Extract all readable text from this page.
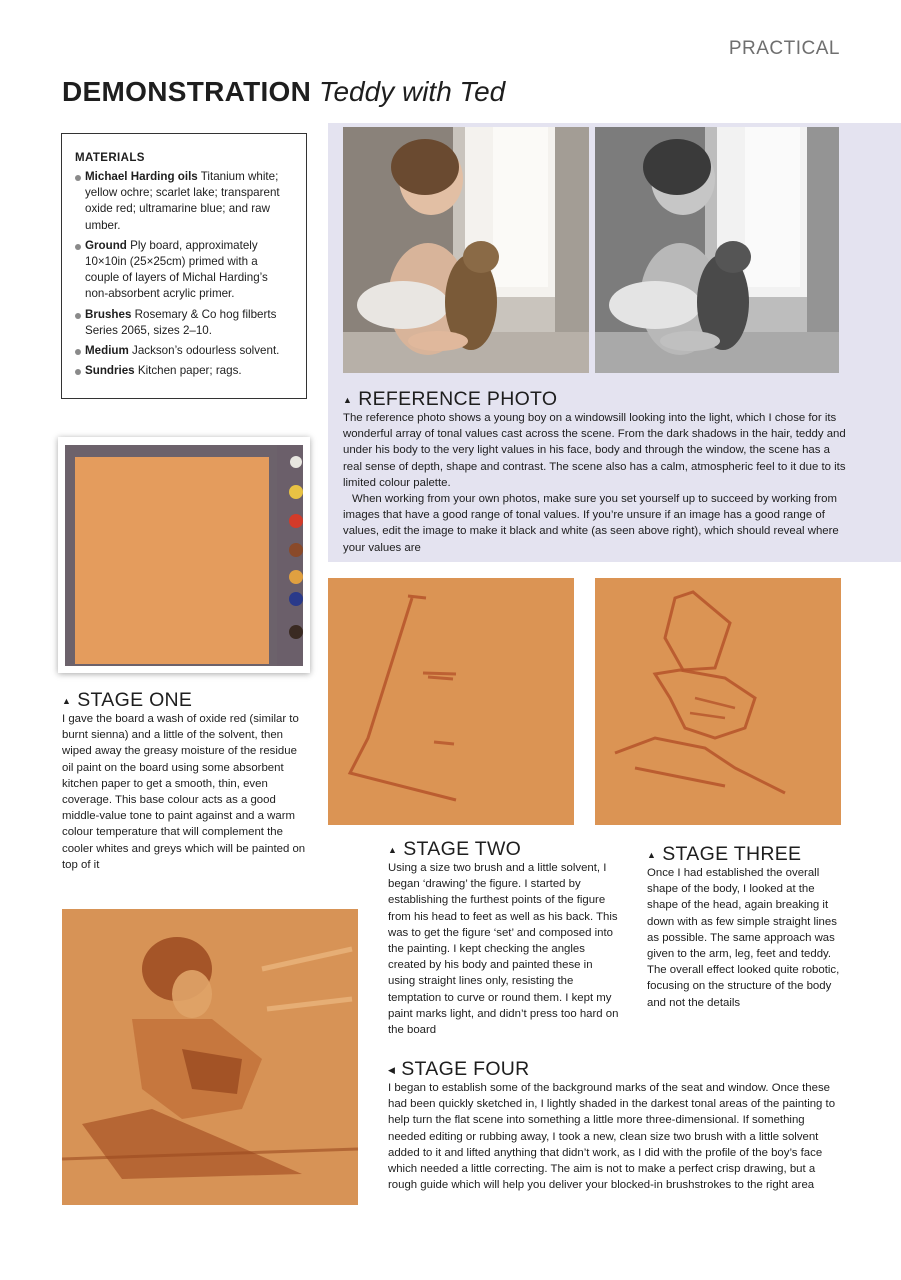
PRACTICAL
DEMONSTRATION Teddy with Ted
MATERIALS
Michael Harding oils Titanium white; yellow ochre; scarlet lake; transparent oxide red; ultramarine blue; and raw umber.
Ground Ply board, approximately 10×10in (25×25cm) primed with a couple of layers of Michal Harding’s non-absorbent acrylic primer.
Brushes Rosemary & Co hog filberts Series 2065, sizes 2–10.
Medium Jackson’s odourless solvent.
Sundries Kitchen paper; rags.
▲ REFERENCE PHOTO

The reference photo shows a young boy on a windowsill looking into the light, which I chose for its wonderful array of tonal values cast across the scene. From the dark shadows in the hair, teddy and under his body to the very light values in his face, body and through the window, the scene has a real sense of depth, shape and contrast. The scene also has a calm, atmospheric feel to it due to its limited colour palette.

When working from your own photos, make sure you set yourself up to succeed by working from images that have a good range of tonal values. If you’re unsure if an image has a good range of values, edit the image to make it black and white (as seen above right), which should reveal where your values are

▲ STAGE ONE
I gave the board a wash of oxide red (similar to burnt sienna) and a little of the solvent, then wiped away the greasy moisture of the residue oil paint on the board using some absorbent kitchen paper to get a smooth, thin, even coverage. This base colour acts as a good middle-value tone to paint against and a warm colour temperature that will complement the cooler whites and greys which will be painted on top of it
▲ STAGE TWO
Using a size two brush and a little solvent, I began ‘drawing’ the figure. I started by establishing the furthest points of the figure from his head to feet as well as his back. This was to get the figure ‘set’ and composed into the painting. I kept checking the angles created by his body and painted these in using straight lines only, resisting the temptation to curve or round them. I kept my paint marks light, and didn’t press too hard on the board
▲ STAGE THREE
Once I had established the overall shape of the body, I looked at the shape of the head, again breaking it down with as few simple straight lines as possible. The same approach was given to the arm, leg, feet and teddy. The overall effect looked quite robotic, focusing on the structure of the body and not the details
◀ STAGE FOUR
I began to establish some of the background marks of the seat and window. Once these had been quickly sketched in, I lightly shaded in the darkest tonal areas of the painting to help turn the flat scene into something a little more three-dimensional. If something needed editing or rubbing away, I took a new, clean size two brush with a little solvent added to it and lifted anything that didn’t work, as I did with the profile of the boy’s face which needed a little correcting. The aim is not to make a perfect crisp drawing, but a rough guide which will help you deliver your blocked-in brushstrokes to the right area
